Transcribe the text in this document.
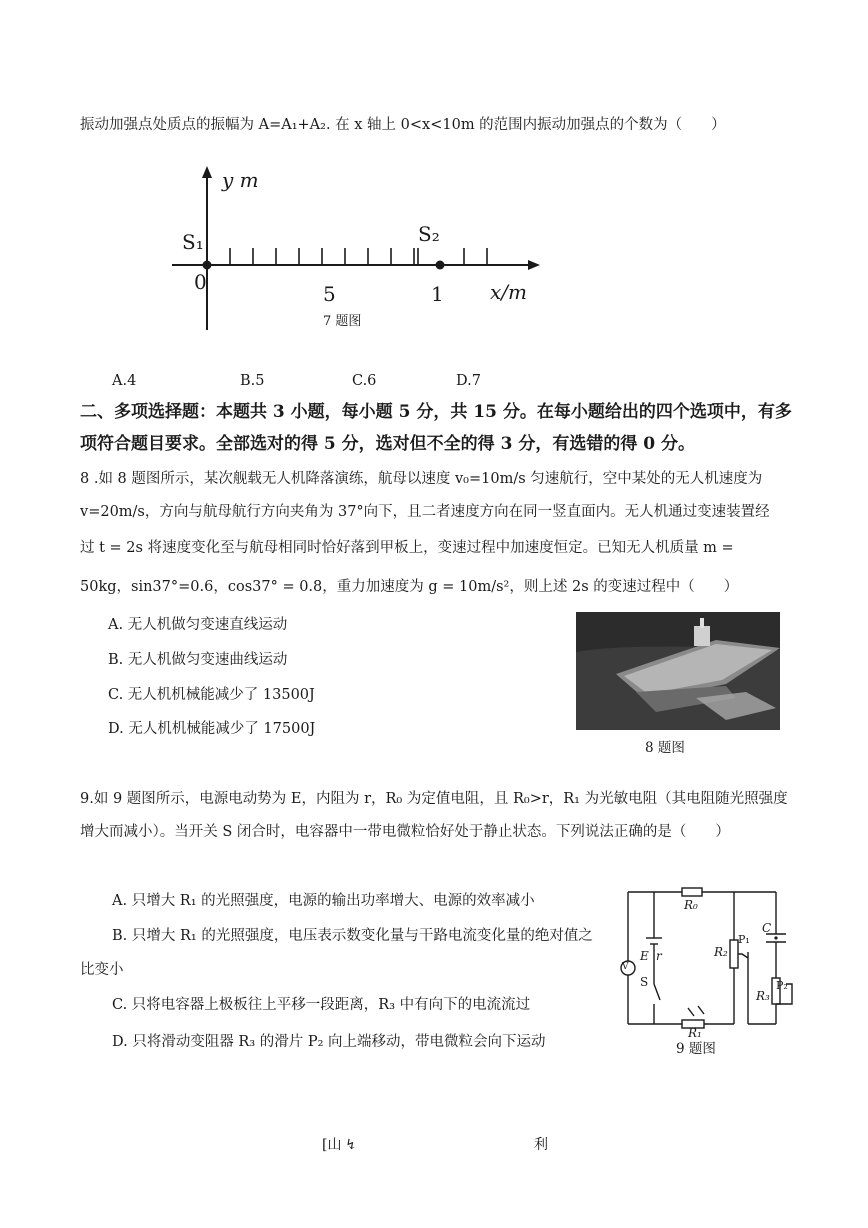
振动加强点处质点的振幅为 A=A₁+A₂. 在 x 轴上 0<x<10m 的范围内振动加强点的个数为（　　）
y m
S₁	S₂
0	5	1 x/m
7 题图
A.4	B.5	C.6	D.7
二、多项选择题：本题共 3 小题，每小题 5 分，共 15 分。在每小题给出的四个选项中，有多
项符合题目要求。全部选对的得 5 分，选对但不全的得 3 分，有选错的得 0 分。
8 .如 8 题图所示，某次舰载无人机降落演练，航母以速度 v₀=10m/s 匀速航行，空中某处的无人机速度为
v=20m/s，方向与航母航行方向夹角为 37°向下，且二者速度方向在同一竖直面内。无人机通过变速装置经
过 t = 2s 将速度变化至与航母相同时恰好落到甲板上，变速过程中加速度恒定。已知无人机质量 m =
50kg，sin37°=0.6，cos37° = 0.8，重力加速度为 g = 10m/s²，则上述 2s 的变速过程中（　　）
A. 无人机做匀变速直线运动
B. 无人机做匀变速曲线运动
C. 无人机机械能减少了 13500J
D. 无人机机械能减少了 17500J
8 题图
9.如 9 题图所示，电源电动势为 E，内阻为 r，R₀ 为定值电阻，且 R₀>r，R₁ 为光敏电阻（其电阻随光照强度
增大而减小）。当开关 S 闭合时，电容器中一带电微粒恰好处于静止状态。下列说法正确的是（　　）
A. 只增大 R₁ 的光照强度，电源的输出功率增大、电源的效率减小
B. 只增大 R₁ 的光照强度，电压表示数变化量与干路电流变化量的绝对值之
比变小
C. 只将电容器上极板往上平移一段距离，R₃ 中有向下的电流流过
D. 只将滑动变阻器 R₃ 的滑片 P₂ 向上端移动，带电微粒会向下运动
V
R₀
E r
S
R₂
P₁
C
P₂
R₃
R₁
9 题图
[山 ↯	利
